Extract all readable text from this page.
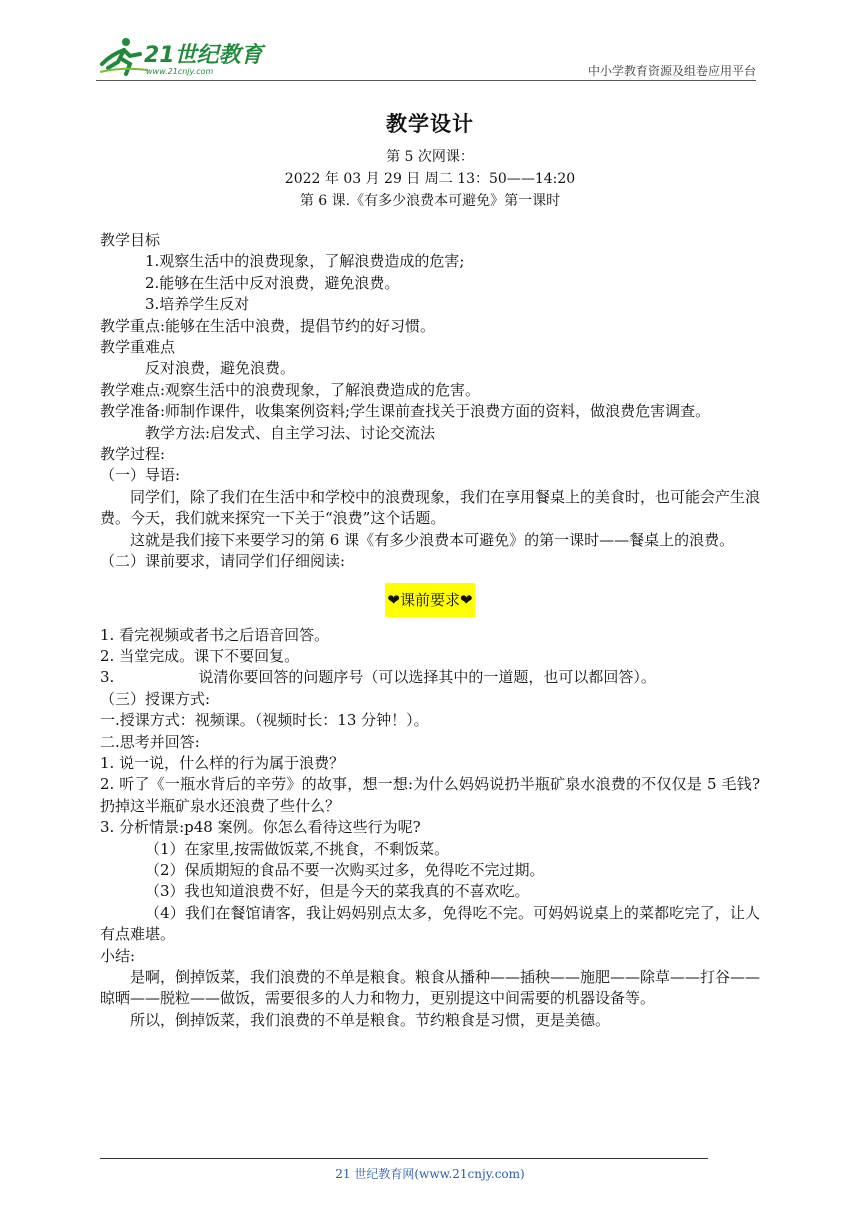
21世纪教育
www.21cnjy.com	中小学教育资源及组卷应用平台
教学设计
第 5 次网课：
2022 年 03 月 29 日 周二 13：50——14:20
第 6 课.《有多少浪费本可避免》第一课时

教学目标

1.观察生活中的浪费现象，了解浪费造成的危害;

2.能够在生活中反对浪费，避免浪费。

3.培养学生反对

教学重点:能够在生活中浪费，提倡节约的好习惯。

教学重难点

反对浪费，避免浪费。

教学难点:观察生活中的浪费现象，了解浪费造成的危害。

教学准备:师制作课件，收集案例资料;学生课前查找关于浪费方面的资料，做浪费危害调查。

教学方法:启发式、自主学习法、讨论交流法

教学过程:

（一）导语:

同学们，除了我们在生活中和学校中的浪费现象，我们在享用餐桌上的美食时，也可能会产生浪费。今天，我们就来探究一下关于“浪费”这个话题。

这就是我们接下来要学习的第 6 课《有多少浪费本可避免》的第一课时——餐桌上的浪费。

（二）课前要求，请同学们仔细阅读:

❤课前要求❤

1. 看完视频或者书之后语音回答。

2. 当堂完成。课下不要回复。

3.	说清你要回答的问题序号（可以选择其中的一道题，也可以都回答）。

（三）授课方式:

一.授课方式：视频课。（视频时长：13 分钟！）。

二.思考并回答:

1. 说一说，什么样的行为属于浪费？

2. 听了《一瓶水背后的辛劳》的故事，想一想:为什么妈妈说扔半瓶矿泉水浪费的不仅仅是 5 毛钱?扔掉这半瓶矿泉水还浪费了些什么？

3. 分析情景:p48 案例。你怎么看待这些行为呢?

（1）在家里,按需做饭菜,不挑食，不剩饭菜。

（2）保质期短的食品不要一次购买过多，免得吃不完过期。

（3）我也知道浪费不好，但是今天的菜我真的不喜欢吃。

（4）我们在餐馆请客，我让妈妈别点太多，免得吃不完。可妈妈说桌上的菜都吃完了，让人有点难堪。

小结:

是啊，倒掉饭菜，我们浪费的不单是粮食。粮食从播种——插秧——施肥——除草——打谷——晾晒——脱粒——做饭，需要很多的人力和物力，更别提这中间需要的机器设备等。

所以，倒掉饭菜，我们浪费的不单是粮食。节约粮食是习惯，更是美德。

21 世纪教育网(www.21cnjy.com)
